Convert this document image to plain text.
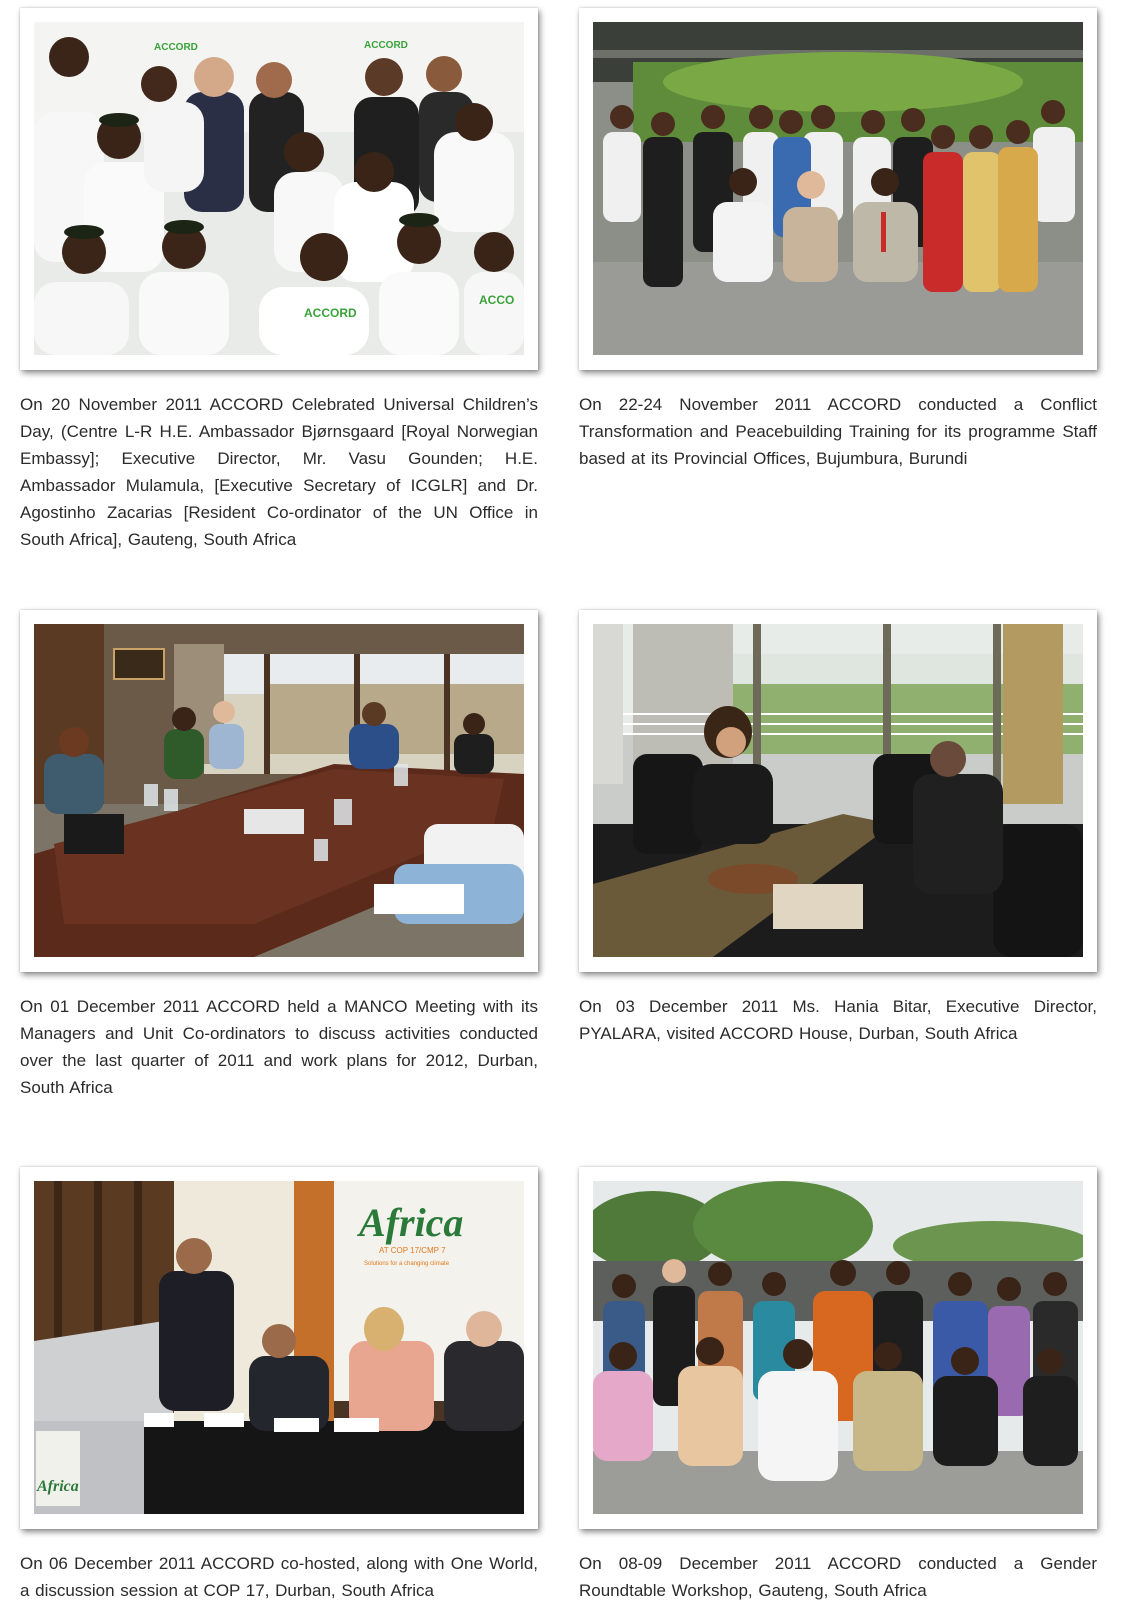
ACCORD	ACCORD
ACCORD
ACCO
On 20 November 2011 ACCORD Celebrated Universal Children’s Day, (Centre L-R H.E. Ambassador Bjørnsgaard [Royal Norwegian Embassy]; Executive Director, Mr. Vasu Gounden; H.E. Ambassador Mulamula, [Executive Secretary of ICGLR] and Dr. Agostinho Zacarias [Resident Co-ordinator of the UN Office in South Africa], Gauteng, South Africa
On 22-24 November 2011 ACCORD conducted a Conflict Transformation and Peacebuilding Training for its programme Staff based at its Provincial Offices, Bujumbura, Burundi
On 01 December 2011 ACCORD held a MANCO Meeting with its Managers and Unit Co-ordinators to discuss activities conducted over the last quarter of 2011 and work plans for 2012, Durban, South Africa
On 03 December 2011 Ms. Hania Bitar, Executive Director, PYALARA, visited ACCORD House, Durban, South Africa
Africa
AT COP 17/CMP 7
Solutions for a changing climate
Africa
On 06 December 2011 ACCORD co-hosted, along with One World, a discussion session at COP 17, Durban, South Africa
On 08-09 December 2011 ACCORD conducted a Gender Roundtable Workshop, Gauteng, South Africa
